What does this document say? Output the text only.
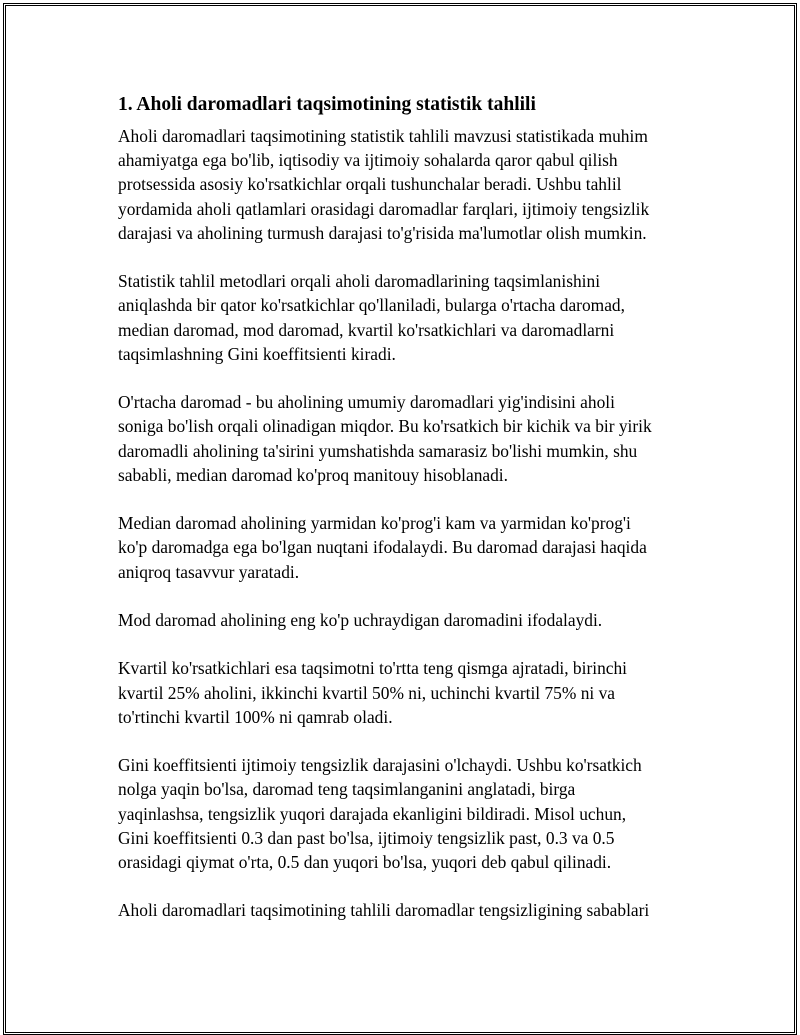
1. Aholi daromadlari taqsimotining statistik tahlili

Aholi daromadlari taqsimotining statistik tahlili mavzusi statistikada muhim
ahamiyatga ega bo'lib, iqtisodiy va ijtimoiy sohalarda qaror qabul qilish
protsessida asosiy ko'rsatkichlar orqali tushunchalar beradi. Ushbu tahlil
yordamida aholi qatlamlari orasidagi daromadlar farqlari, ijtimoiy tengsizlik
darajasi va aholining turmush darajasi to'g'risida ma'lumotlar olish mumkin.

Statistik tahlil metodlari orqali aholi daromadlarining taqsimlanishini
aniqlashda bir qator ko'rsatkichlar qo'llaniladi, bularga o'rtacha daromad,
median daromad, mod daromad, kvartil ko'rsatkichlari va daromadlarni
taqsimlashning Gini koeffitsienti kiradi.

O'rtacha daromad - bu aholining umumiy daromadlari yig'indisini aholi
soniga bo'lish orqali olinadigan miqdor. Bu ko'rsatkich bir kichik va bir yirik
daromadli aholining ta'sirini yumshatishda samarasiz bo'lishi mumkin, shu
sababli, median daromad ko'proq manitouy hisoblanadi.

Median daromad aholining yarmidan ko'prog'i kam va yarmidan ko'prog'i
ko'p daromadga ega bo'lgan nuqtani ifodalaydi. Bu daromad darajasi haqida
aniqroq tasavvur yaratadi.

Mod daromad aholining eng ko'p uchraydigan daromadini ifodalaydi.

Kvartil ko'rsatkichlari esa taqsimotni to'rtta teng qismga ajratadi, birinchi
kvartil 25% aholini, ikkinchi kvartil 50% ni, uchinchi kvartil 75% ni va
to'rtinchi kvartil 100% ni qamrab oladi.

Gini koeffitsienti ijtimoiy tengsizlik darajasini o'lchaydi. Ushbu ko'rsatkich
nolga yaqin bo'lsa, daromad teng taqsimlanganini anglatadi, birga
yaqinlashsa, tengsizlik yuqori darajada ekanligini bildiradi. Misol uchun,
Gini koeffitsienti 0.3 dan past bo'lsa, ijtimoiy tengsizlik past, 0.3 va 0.5
orasidagi qiymat o'rta, 0.5 dan yuqori bo'lsa, yuqori deb qabul qilinadi.

Aholi daromadlari taqsimotining tahlili daromadlar tengsizligining sabablari
